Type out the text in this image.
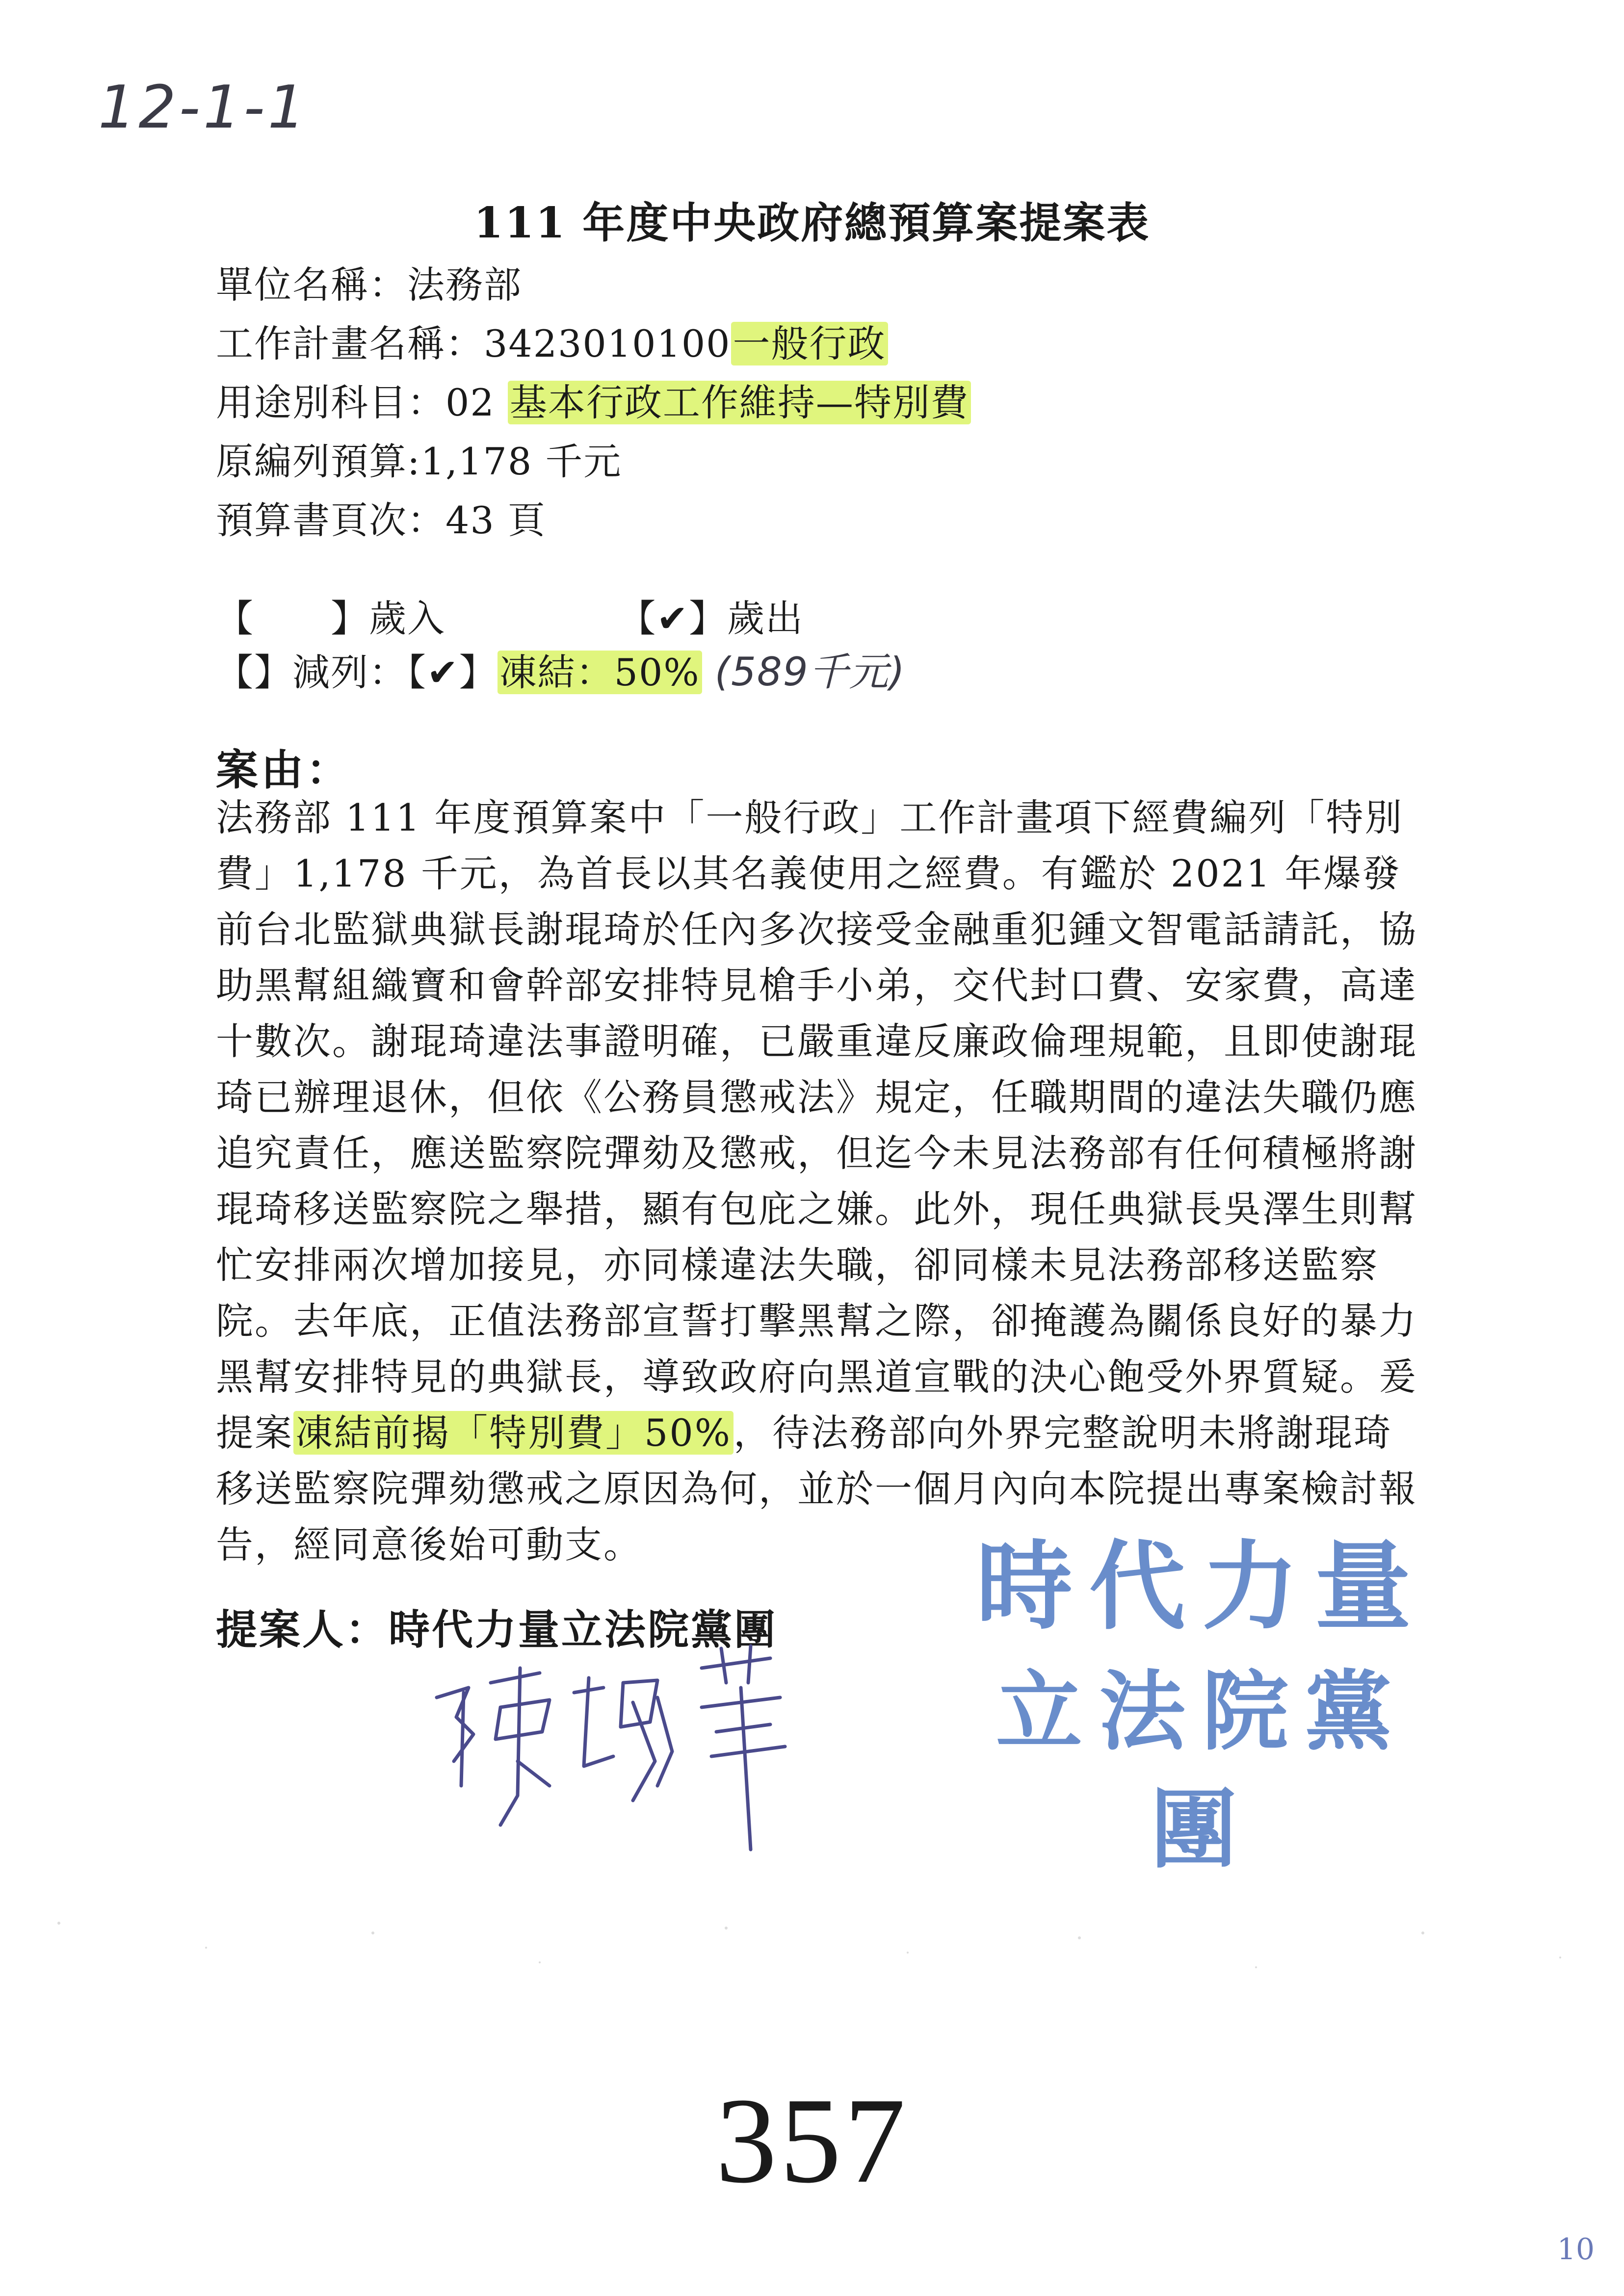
12-1-1
111 年度中央政府總預算案提案表
單位名稱：法務部
工作計畫名稱：3423010100一般行政
用途別科目：02 基本行政工作維持—特別費
原編列預算:1,178 千元
預算書頁次：43 頁
【　　】歲入	【✔】歲出
【】減列：【✔】凍結：50% (589千元)
案由：

法務部 111 年度預算案中「一般行政」工作計畫項下經費編列「特別費」1,178 千元，為首長以其名義使用之經費。有鑑於 2021 年爆發前台北監獄典獄長謝琨琦於任內多次接受金融重犯鍾文智電話請託，協助黑幫組織寶和會幹部安排特見槍手小弟，交代封口費、安家費，高達十數次。謝琨琦違法事證明確，已嚴重違反廉政倫理規範，且即使謝琨琦已辦理退休，但依《公務員懲戒法》規定，任職期間的違法失職仍應追究責任，應送監察院彈劾及懲戒，但迄今未見法務部有任何積極將謝琨琦移送監察院之舉措，顯有包庇之嫌。此外，現任典獄長吳澤生則幫忙安排兩次增加接見，亦同樣違法失職，卻同樣未見法務部移送監察院。去年底，正值法務部宣誓打擊黑幫之際，卻掩護為關係良好的暴力黑幫安排特見的典獄長，導致政府向黑道宣戰的決心飽受外界質疑。爰提案凍結前揭「特別費」50%，待法務部向外界完整說明未將謝琨琦移送監察院彈劾懲戒之原因為何，並於一個月內向本院提出專案檢討報告，經同意後始可動支。

提案人：時代力量立法院黨團 時代力量
立法院黨團
357
10
